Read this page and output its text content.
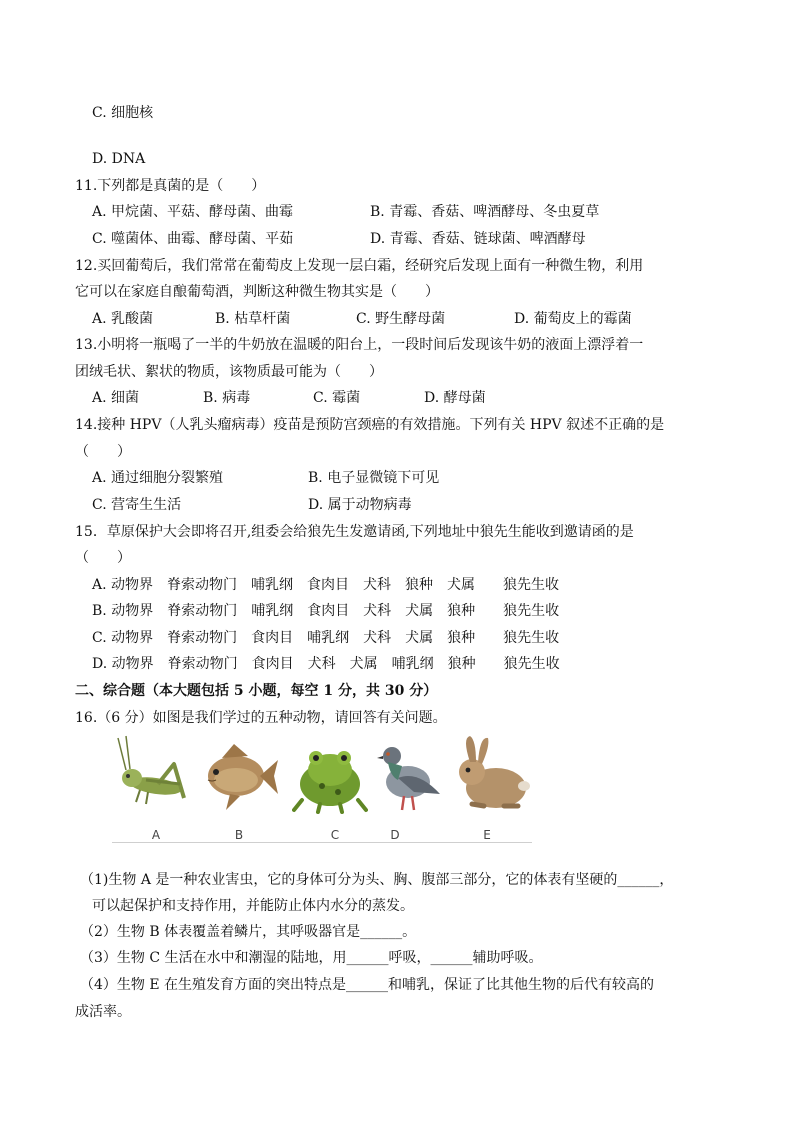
C. 细胞核
D. DNA
11.下列都是真菌的是（　　）
A. 甲烷菌、平菇、酵母菌、曲霉	B. 青霉、香菇、啤酒酵母、冬虫夏草
C. 噬菌体、曲霉、酵母菌、平茹	D. 青霉、香菇、链球菌、啤酒酵母
12.买回葡萄后，我们常常在葡萄皮上发现一层白霜，经研究后发现上面有一种微生物，利用
它可以在家庭自酿葡萄酒，判断这种微生物其实是（　　）
A. 乳酸菌	B. 枯草杆菌	C. 野生酵母菌	D. 葡萄皮上的霉菌
13.小明将一瓶喝了一半的牛奶放在温暖的阳台上，一段时间后发现该牛奶的液面上漂浮着一
团绒毛状、絮状的物质，该物质最可能为（　　）
A. 细菌	B. 病毒	C. 霉菌	D. 酵母菌
14.接种 HPV（人乳头瘤病毒）疫苗是预防宫颈癌的有效措施。下列有关 HPV 叙述不正确的是
（　　）
A. 通过细胞分裂繁殖	B. 电子显微镜下可见
C. 营寄生生活	D. 属于动物病毒
15．草原保护大会即将召开,组委会给狼先生发邀请函,下列地址中狼先生能收到邀请函的是
（　　）
A. 动物界　脊索动物门　哺乳纲　食肉目　犬科　狼种　犬属　　狼先生收
B. 动物界　脊索动物门　哺乳纲　食肉目　犬科　犬属　狼种　　狼先生收
C. 动物界　脊索动物门　食肉目　哺乳纲　犬科　犬属　狼种　　狼先生收
D. 动物界　脊索动物门　食肉目　犬科　犬属　哺乳纲　狼种　　狼先生收
二、综合题（本大题包括 5 小题，每空 1 分，共 30 分）
16.（6 分）如图是我们学过的五种动物，请回答有关问题。
A	B	C	D	E
（1)生物 A 是一种农业害虫，它的身体可分为头、胸、腹部三部分，它的体表有坚硬的______，
可以起保护和支持作用，并能防止体内水分的蒸发。
（2）生物 B 体表覆盖着鳞片，其呼吸器官是______。
（3）生物 C 生活在水中和潮湿的陆地，用______呼吸，______辅助呼吸。
（4）生物 E 在生殖发育方面的突出特点是______和哺乳，保证了比其他生物的后代有较高的
成活率。
